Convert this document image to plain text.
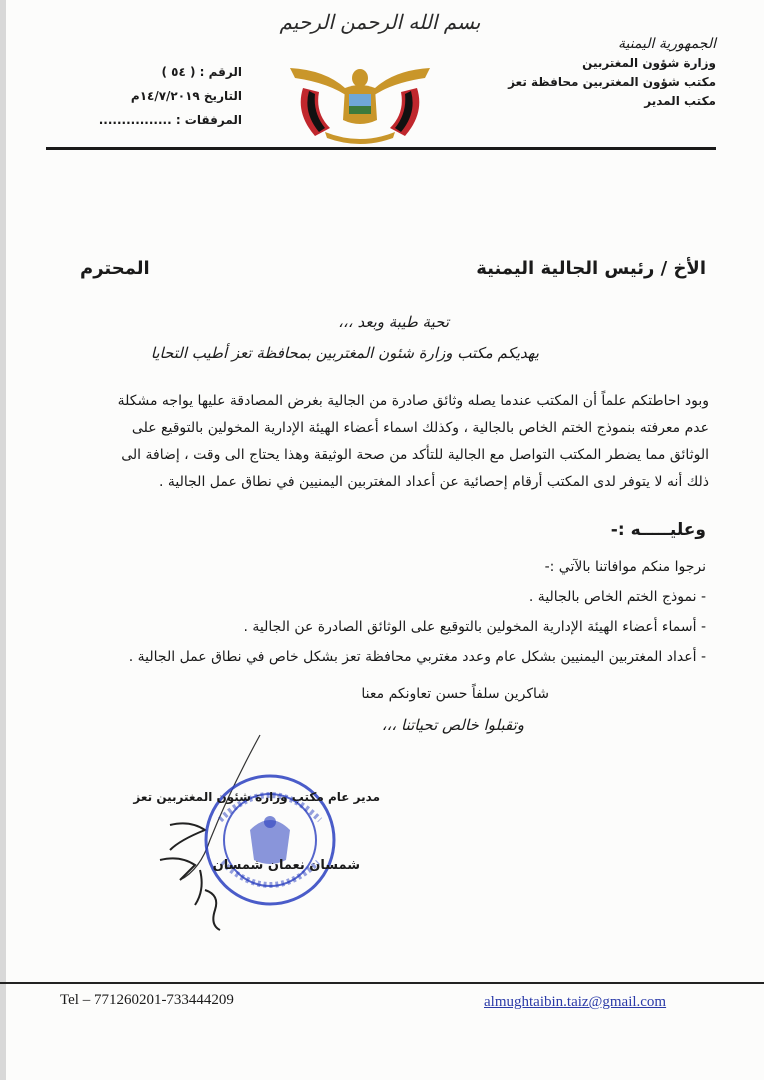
بسم الله الرحمن الرحيم
الجمهورية اليمنية
وزارة شؤون المغتربين
مكتب شؤون المغتربين محافظة تعز
مكتب المدير
الرقم : ( ٥٤ )
التاريخ ١٤/٧/٢٠١٩م
المرفقات : ................
الأخ / رئيس الجالية اليمنية
المحترم
تحية طيبة وبعد ،،،
يهديكم مكتب وزارة شئون المغتربين بمحافظة تعز أطيب التحايا
وبود احاطتكم علماً أن المكتب عندما يصله وثائق صادرة من الجالية بغرض المصادقة عليها يواجه مشكلة
عدم معرفته بنموذج الختم الخاص بالجالية ، وكذلك اسماء أعضاء الهيئة الإدارية المخولين بالتوقيع على
الوثائق مما يضطر المكتب التواصل مع الجالية للتأكد من صحة الوثيقة وهذا يحتاج الى وقت ، إضافة الى
ذلك أنه لا يتوفر لدى المكتب أرقام إحصائية عن أعداد المغتربين اليمنيين في نطاق عمل الجالية .
وعليـــــه :-
نرجوا منكم موافاتنا بالآتي :-
- نموذج الختم الخاص بالجالية .
- أسماء أعضاء الهيئة الإدارية المخولين بالتوقيع على الوثائق الصادرة عن الجالية .
- أعداد المغتربين اليمنيين بشكل عام وعدد مغتربي محافظة تعز بشكل خاص في نطاق عمل الجالية .
شاكرين سلفاً حسن تعاونكم معنا
وتقبلوا خالص تحياتنا ،،،
مدير عام مكتب وزارة شئون المغتربين تعز
شمسان نعمان شمسان
Tel – 771260201-733444209	almughtaibin.taiz@gmail.com
